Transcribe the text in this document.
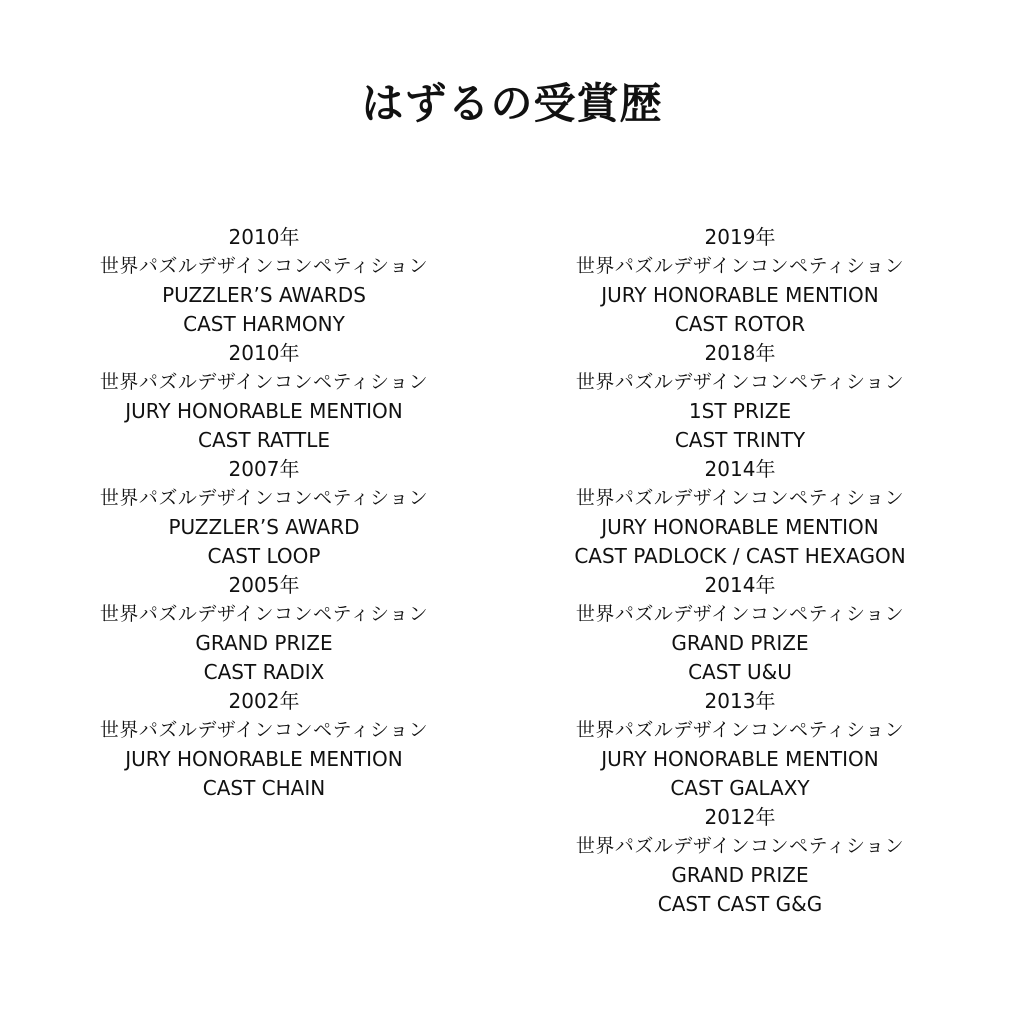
はずるの受賞歴
2010年
世界パズルデザインコンペティション
PUZZLER’S AWARDS
CAST HARMONY
2010年
世界パズルデザインコンペティション
JURY HONORABLE MENTION
CAST RATTLE
2007年
世界パズルデザインコンペティション
PUZZLER’S AWARD
CAST LOOP
2005年
世界パズルデザインコンペティション
GRAND PRIZE
CAST RADIX
2002年
世界パズルデザインコンペティション
JURY HONORABLE MENTION
CAST CHAIN
2019年
世界パズルデザインコンペティション
JURY HONORABLE MENTION
CAST ROTOR
2018年
世界パズルデザインコンペティション
1ST PRIZE
CAST TRINTY
2014年
世界パズルデザインコンペティション
JURY HONORABLE MENTION
CAST PADLOCK / CAST HEXAGON
2014年
世界パズルデザインコンペティション
GRAND PRIZE
CAST U&U
2013年
世界パズルデザインコンペティション
JURY HONORABLE MENTION
CAST GALAXY
2012年
世界パズルデザインコンペティション
GRAND PRIZE
CAST CAST G&G
